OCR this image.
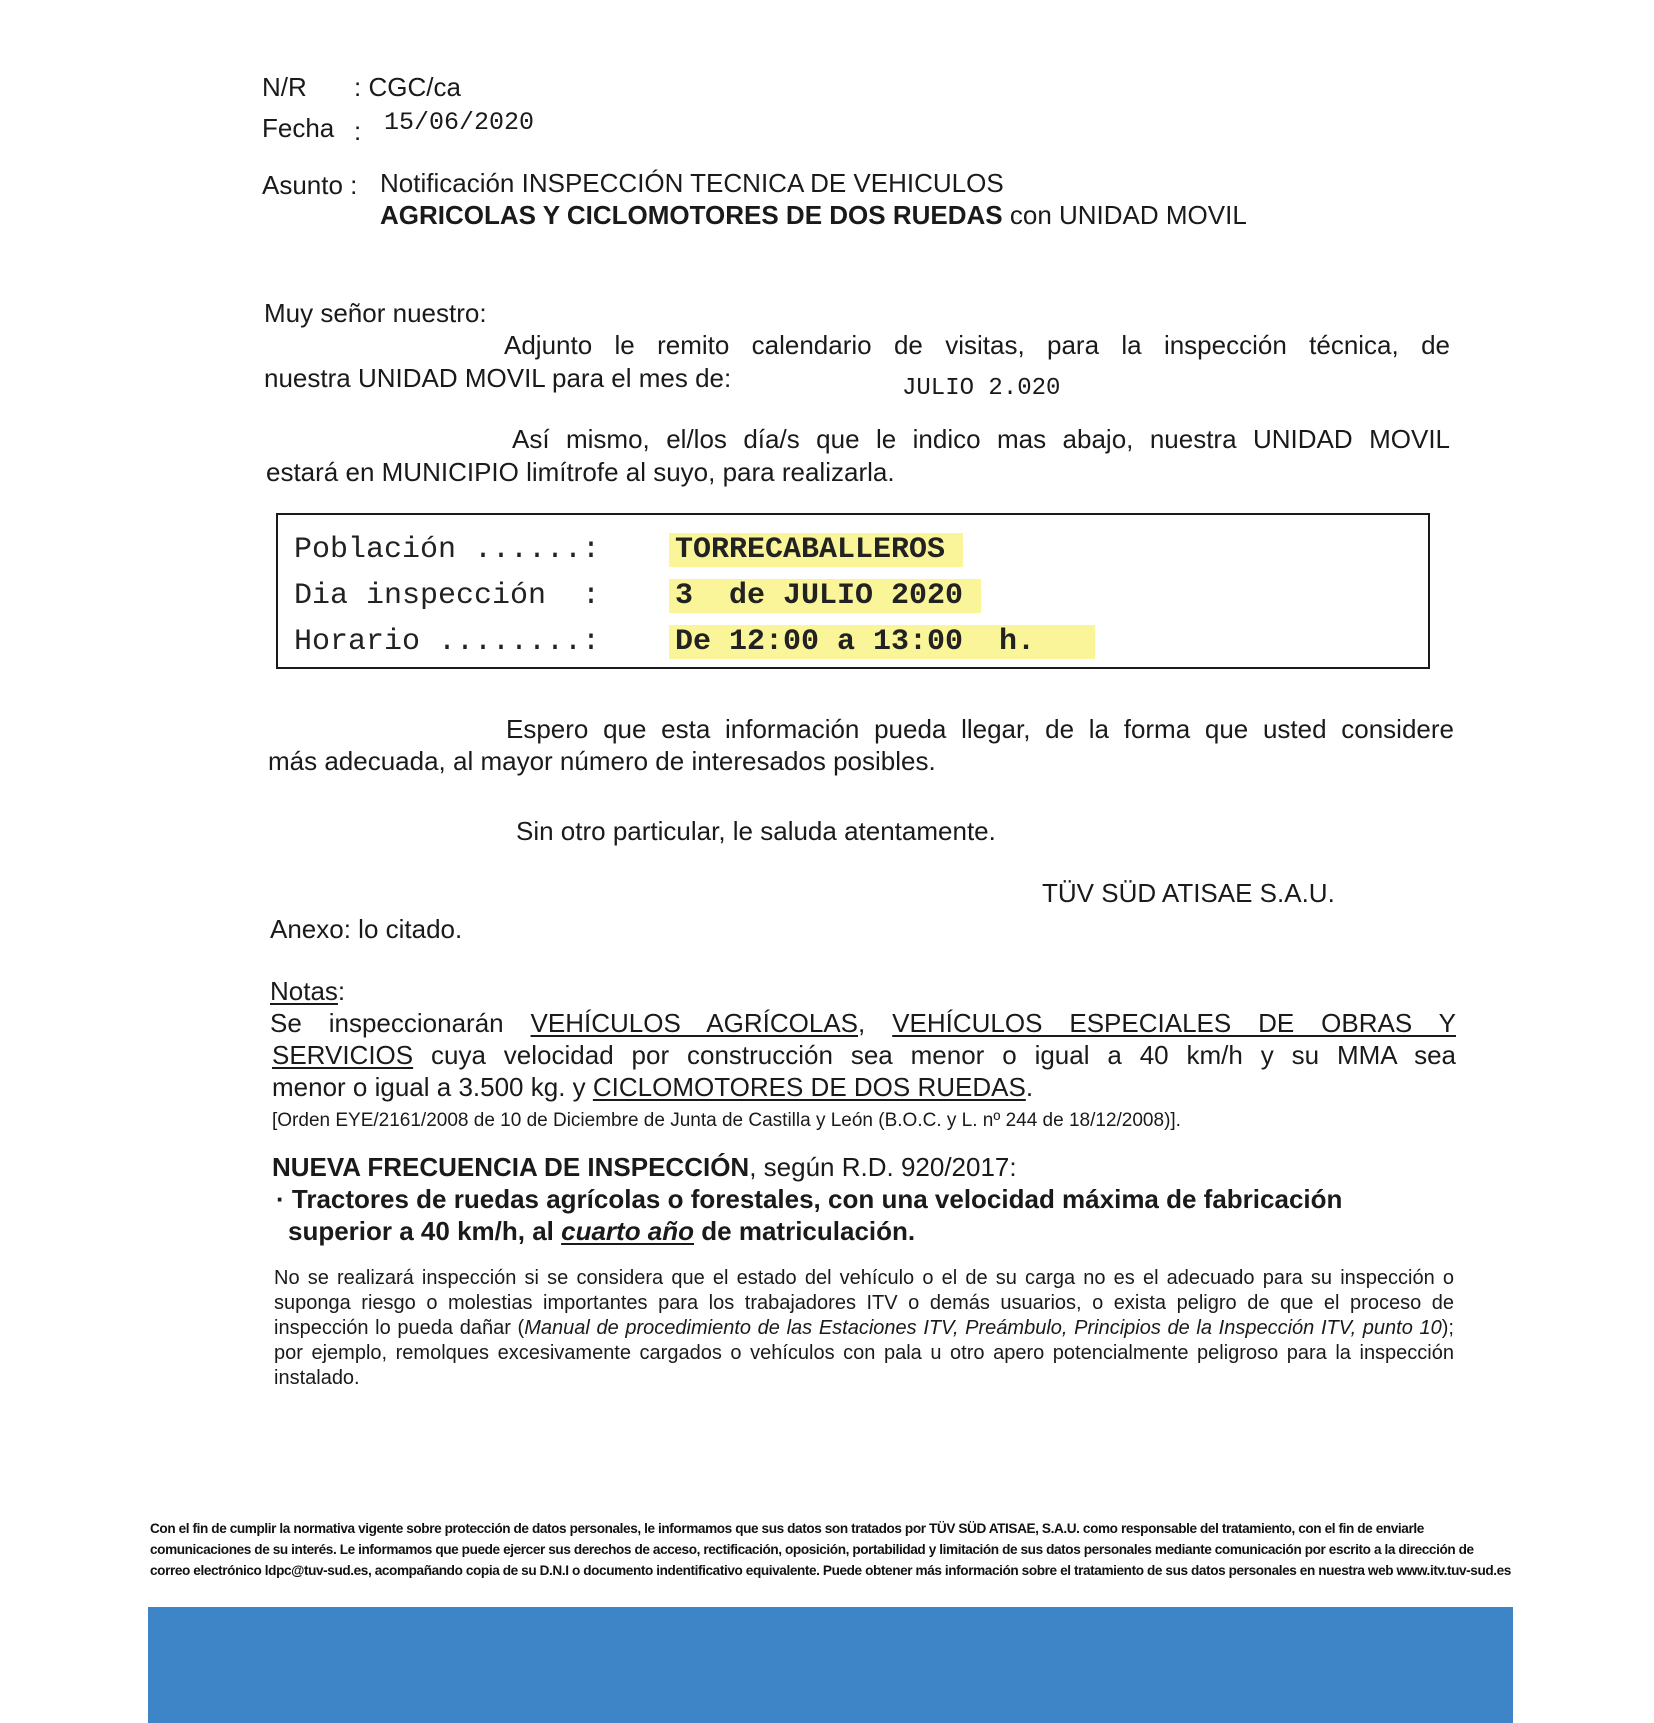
N/R : CGC/ca
Fecha : 15/06/2020
Asunto : Notificación INSPECCIÓN TECNICA DE VEHICULOS
AGRICOLAS Y CICLOMOTORES DE DOS RUEDAS con UNIDAD MOVIL
Muy señor nuestro:
Adjunto le remito calendario de visitas, para la inspección técnica, de
nuestra UNIDAD MOVIL para el mes de:	JULIO 2.020
Así mismo, el/los día/s que le indico mas abajo, nuestra UNIDAD MOVIL
estará en MUNICIPIO limítrofe al suyo, para realizarla.
Población ......: TORRECABALLEROS
Dia inspección  : 3  de JULIO 2020
Horario ........: De 12:00 a 13:00  h.
Espero que esta información pueda llegar, de la forma que usted considere
más adecuada, al mayor número de interesados posibles.
Sin otro particular, le saluda atentamente.
TÜV SÜD ATISAE S.A.U.
Anexo: lo citado.
Notas:
Se inspeccionarán VEHÍCULOS AGRÍCOLAS, VEHÍCULOS ESPECIALES DE OBRAS Y
SERVICIOS cuya velocidad por construcción sea menor o igual a 40 km/h y su MMA sea
menor o igual a 3.500 kg. y CICLOMOTORES DE DOS RUEDAS.
[Orden EYE/2161/2008 de 10 de Diciembre de Junta de Castilla y León (B.O.C. y L. nº 244 de 18/12/2008)].
NUEVA FRECUENCIA DE INSPECCIÓN, según R.D. 920/2017:
· Tractores de ruedas agrícolas o forestales, con una velocidad máxima de fabricación
superior a 40 km/h, al cuarto año de matriculación.
No se realizará inspección si se considera que el estado del vehículo o el de su carga no es el adecuado para su inspección o suponga riesgo o molestias importantes para los trabajadores ITV o demás usuarios, o exista peligro de que el proceso de inspección lo pueda dañar (Manual de procedimiento de las Estaciones ITV, Preámbulo, Principios de la Inspección ITV, punto 10); por ejemplo, remolques excesivamente cargados o vehículos con pala u otro apero potencialmente peligroso para la inspección instalado.
Con el fin de cumplir la normativa vigente sobre protección de datos personales, le informamos que sus datos son tratados por TÜV SÜD ATISAE, S.A.U. como responsable del tratamiento, con el fin de enviarle comunicaciones de su interés. Le informamos que puede ejercer sus derechos de acceso, rectificación, oposición, portabilidad y limitación de sus datos personales mediante comunicación por escrito a la dirección de correo electrónico ldpc@tuv-sud.es, acompañando copia de su D.N.I o documento indentificativo equivalente. Puede obtener más información sobre el tratamiento de sus datos personales en nuestra web www.itv.tuv-sud.es
